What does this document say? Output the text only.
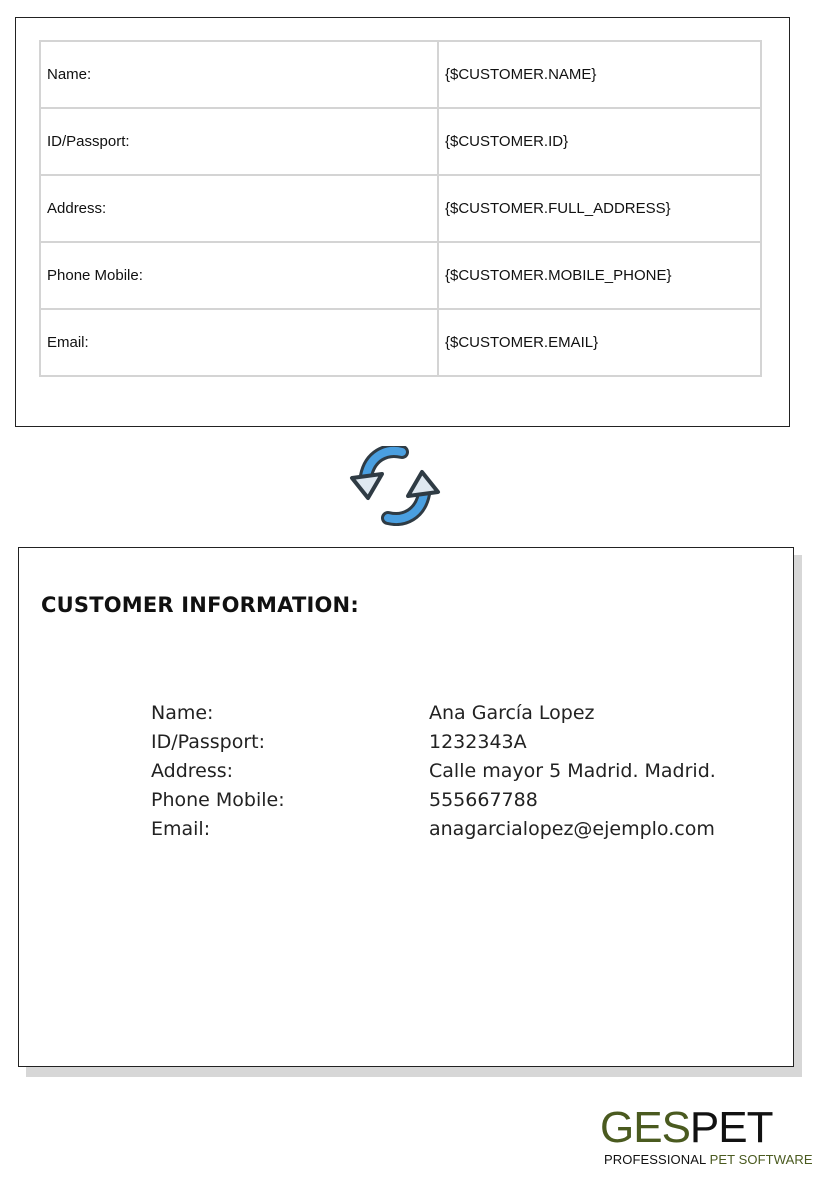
Name:	{$CUSTOMER.NAME}
ID/Passport:	{$CUSTOMER.ID}
Address:	{$CUSTOMER.FULL_ADDRESS}
Phone Mobile:	{$CUSTOMER.MOBILE_PHONE}
Email:	{$CUSTOMER.EMAIL}
CUSTOMER INFORMATION:
Name:	Ana García Lopez
ID/Passport:	1232343A
Address:	Calle mayor 5 Madrid. Madrid.
Phone Mobile:	555667788
Email:	anagarcialopez@ejemplo.com
GESPET
PROFESSIONAL PET SOFTWARE
